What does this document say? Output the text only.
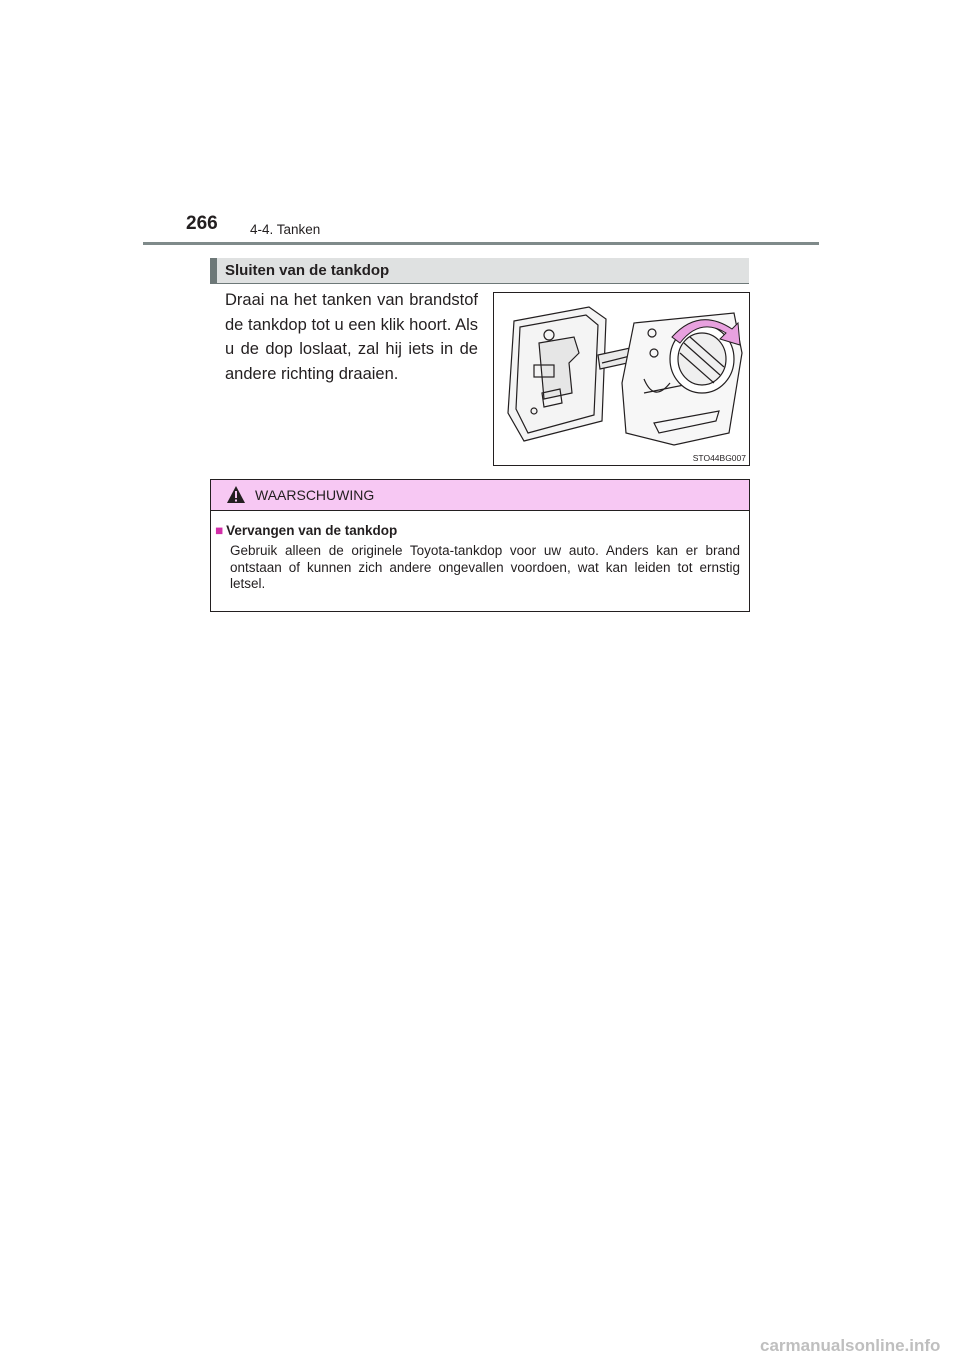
266 4-4. Tanken
Sluiten van de tankdop
Draai na het tanken van brandstof de tankdop tot u een klik hoort. Als u de dop loslaat, zal hij iets in de andere richting draaien.
STO44BG007
WAARSCHUWING
■ Vervangen van de tankdop
Gebruik alleen de originele Toyota-tankdop voor uw auto. Anders kan er brand ontstaan of kunnen zich andere ongevallen voordoen, wat kan leiden tot ernstig letsel.
carmanualsonline.info
